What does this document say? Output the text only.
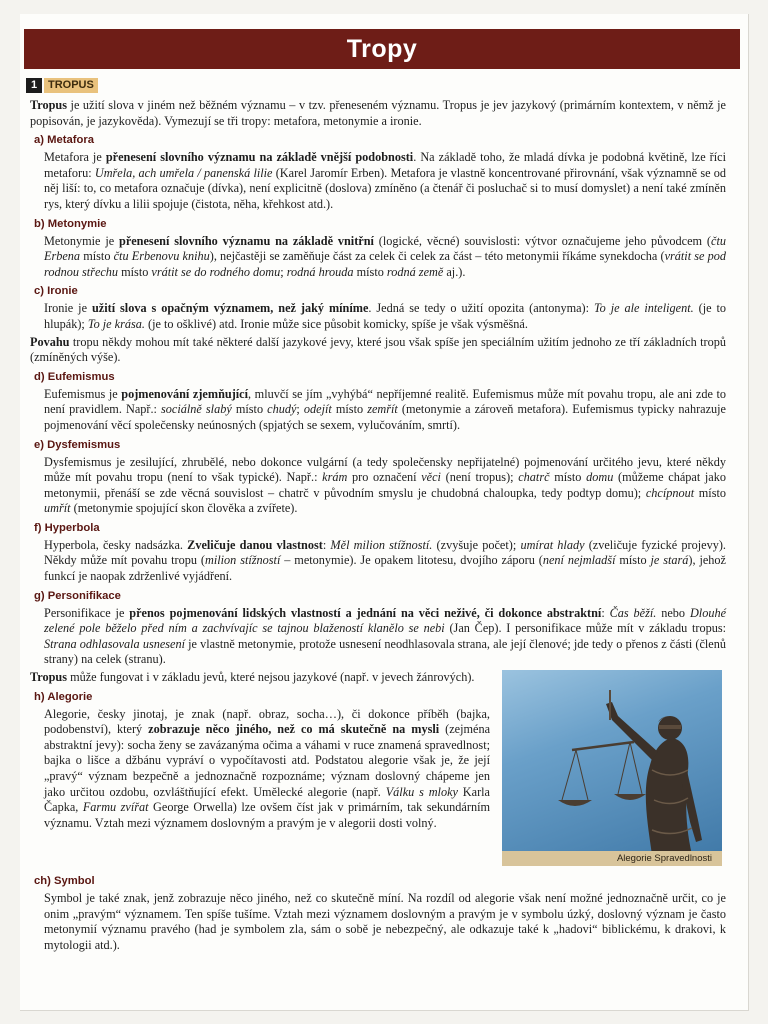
Tropy
1 TROPUS

Tropus je užití slova v jiném než běžném významu – v tzv. přeneseném významu. Tropus je jev jazykový (primárním kontextem, v němž je popisován, je jazykověda). Vymezují se tři tropy: metafora, metonymie a ironie.

a) Metafora

Metafora je přenesení slovního významu na základě vnější podobnosti. Na základě toho, že mladá dívka je podobná květině, lze říci metaforu: Umřela, ach umřela / panenská lilie (Karel Jaromír Erben). Metafora je vlastně koncentrované přirovnání, však významně se od něj liší: to, co metafora označuje (dívka), není explicitně (doslova) zmíněno (a čtenář či posluchač si to musí domyslet) a není také zmíněn rys, který dívku a lilii spojuje (čistota, něha, křehkost atd.).

b) Metonymie

Metonymie je přenesení slovního významu na základě vnitřní (logické, věcné) souvislosti: výtvor označujeme jeho původcem (čtu Erbena místo čtu Erbenovu knihu), nejčastěji se zaměňuje část za celek či celek za část – této metonymii říkáme synekdocha (vrátit se pod rodnou střechu místo vrátit se do rodného domu; rodná hrouda místo rodná země aj.).

c) Ironie

Ironie je užití slova s opačným významem, než jaký míníme. Jedná se tedy o užití opozita (antonyma): To je ale inteligent. (je to hlupák); To je krása. (je to ošklivé) atd. Ironie může sice působit komicky, spíše je však výsměšná.

Povahu tropu někdy mohou mít také některé další jazykové jevy, které jsou však spíše jen speciálním užitím jednoho ze tří základních tropů (zmíněných výše).

d) Eufemismus

Eufemismus je pojmenování zjemňující, mluvčí se jím „vyhýbá“ nepříjemné realitě. Eufemismus může mít povahu tropu, ale ani zde to není pravidlem. Např.: sociálně slabý místo chudý; odejít místo zemřít (metonymie a zároveň metafora). Eufemismus typicky nahrazuje pojmenování věcí společensky neúnosných (spjatých se sexem, vylučováním, smrtí).

e) Dysfemismus

Dysfemismus je zesilující, zhrubělé, nebo dokonce vulgární (a tedy společensky nepřijatelné) pojmenování určitého jevu, které někdy může mít povahu tropu (není to však typické). Např.: krám pro označení věci (není tropus); chatrč místo domu (můžeme chápat jako metonymii, přenáší se zde věcná souvislost – chatrč v původním smyslu je chudobná chaloupka, tedy podtyp domu); chcípnout místo umřít (metonymie spojující skon člověka a zvířete).

f) Hyperbola

Hyperbola, česky nadsázka. Zveličuje danou vlastnost: Měl milion stížností. (zvyšuje počet); umírat hlady (zveličuje fyzické projevy). Někdy může mít povahu tropu (milion stížností – metonymie). Je opakem litotesu, dvojího záporu (není nejmladší místo je stará), jehož funkcí je naopak zdrženlivé vyjádření.

g) Personifikace

Personifikace je přenos pojmenování lidských vlastností a jednání na věci neživé, či dokonce abstraktní: Čas běží. nebo Dlouhé zelené pole běželo před ním a zachvívajíc se tajnou blažeností klanělo se nebi (Jan Čep). I personifikace může mít v základu tropus: Strana odhlasovala usnesení je vlastně metonymie, protože usnesení neodhlasovala strana, ale její členové; jde tedy o přenos z části (členů strany) na celek (stranu).

Alegorie Spravedlnosti

Tropus může fungovat i v základu jevů, které nejsou jazykové (např. v jevech žánrových).

h) Alegorie

Alegorie, česky jinotaj, je znak (např. obraz, socha…), či dokonce příběh (bajka, podobenství), který zobrazuje něco jiného, než co má skutečně na mysli (zejména abstraktní jevy): socha ženy se zavázanýma očima a váhami v ruce znamená spravedlnost; bajka o lišce a džbánu vypráví o vypočítavosti atd. Podstatou alegorie však je, že její „pravý“ význam bezpečně a jednoznačně rozpoznáme; význam doslovný chápeme jen jako určitou ozdobu, ozvláštňující efekt. Umělecké alegorie (např. Válku s mloky Karla Čapka, Farmu zvířat George Orwella) lze ovšem číst jak v primárním, tak sekundárním významu. Vztah mezi významem doslovným a pravým je v alegorii dosti volný.

ch) Symbol

Symbol je také znak, jenž zobrazuje něco jiného, než co skutečně míní. Na rozdíl od alegorie však není možné jednoznačně určit, co je onim „pravým“ významem. Ten spíše tušíme. Vztah mezi významem doslovným a pravým je v symbolu úzký, doslovný význam je často metonymií významu pravého (had je symbolem zla, sám o sobě je nebezpečný, ale odkazuje také k „hadovi“ biblickému, k drakovi, k mytologii atd.).
